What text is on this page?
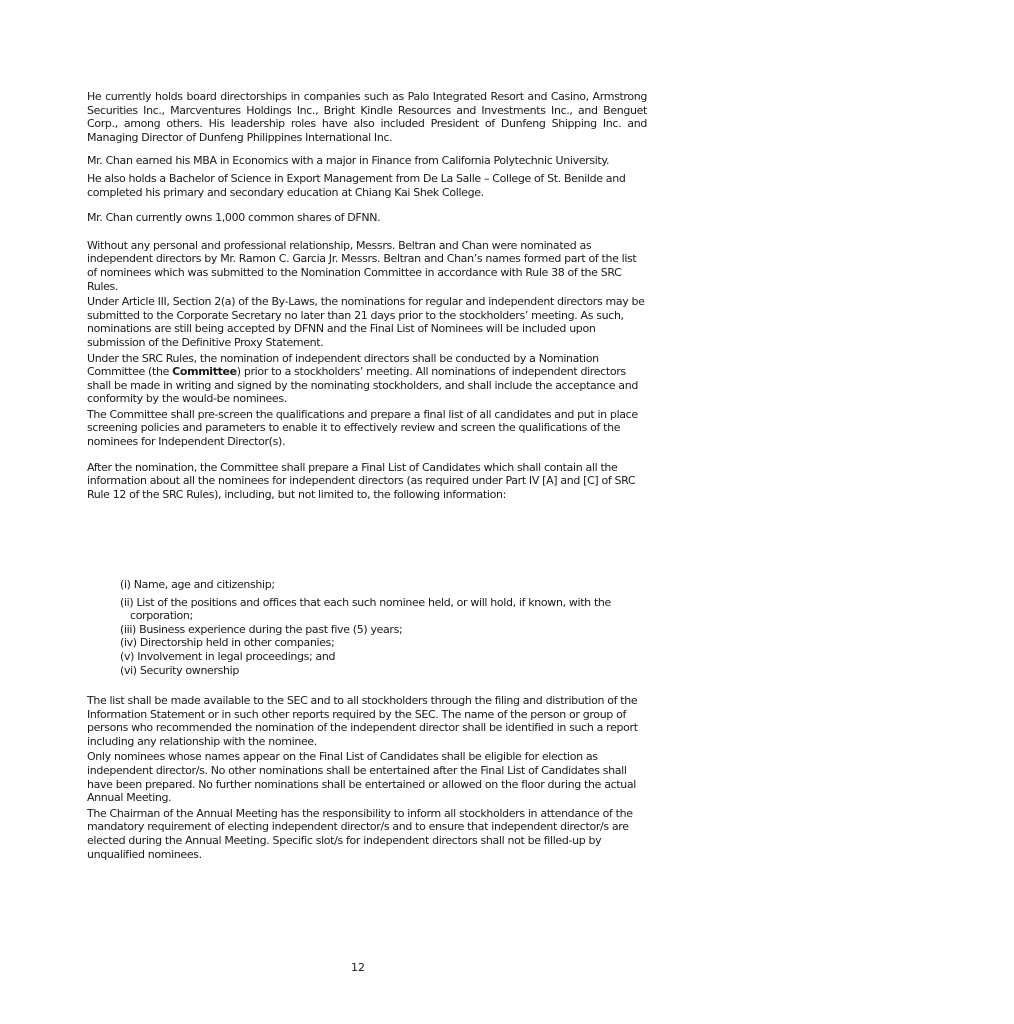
He currently holds board directorships in companies such as Palo Integrated Resort and Casino, Armstrong Securities Inc., Marcventures Holdings Inc., Bright Kindle Resources and Investments Inc., and Benguet Corp., among others. His leadership roles have also included President of Dunfeng Shipping Inc. and Managing Director of Dunfeng Philippines International Inc.

Mr. Chan earned his MBA in Economics with a major in Finance from California Polytechnic University.

He also holds a Bachelor of Science in Export Management from De La Salle – College of St. Benilde and completed his primary and secondary education at Chiang Kai Shek College.

Mr. Chan currently owns 1,000 common shares of DFNN.

Without any personal and professional relationship, Messrs. Beltran and Chan were nominated as independent directors by Mr. Ramon C. Garcia Jr. Messrs. Beltran and Chan’s names formed part of the list of nominees which was submitted to the Nomination Committee in accordance with Rule 38 of the SRC Rules.

Under Article III, Section 2(a) of the By-Laws, the nominations for regular and independent directors may be submitted to the Corporate Secretary no later than 21 days prior to the stockholders’ meeting. As such, nominations are still being accepted by DFNN and the Final List of Nominees will be included upon submission of the Definitive Proxy Statement.

Under the SRC Rules, the nomination of independent directors shall be conducted by a Nomination Committee (the Committee) prior to a stockholders’ meeting. All nominations of independent directors shall be made in writing and signed by the nominating stockholders, and shall include the acceptance and conformity by the would-be nominees.

The Committee shall pre-screen the qualifications and prepare a final list of all candidates and put in place screening policies and parameters to enable it to effectively review and screen the qualifications of the nominees for Independent Director(s).

After the nomination, the Committee shall prepare a Final List of Candidates which shall contain all the information about all the nominees for independent directors (as required under Part IV [A] and [C] of SRC Rule 12 of the SRC Rules), including, but not limited to, the following information:

(i) Name, age and citizenship;
(ii) List of the positions and offices that each such nominee held, or will hold, if known, with the corporation;
(iii) Business experience during the past five (5) years;
(iv) Directorship held in other companies;
(v) Involvement in legal proceedings; and
(vi) Security ownership

The list shall be made available to the SEC and to all stockholders through the filing and distribution of the Information Statement or in such other reports required by the SEC. The name of the person or group of persons who recommended the nomination of the independent director shall be identified in such a report including any relationship with the nominee.

Only nominees whose names appear on the Final List of Candidates shall be eligible for election as independent director/s. No other nominations shall be entertained after the Final List of Candidates shall have been prepared. No further nominations shall be entertained or allowed on the floor during the actual Annual Meeting.

The Chairman of the Annual Meeting has the responsibility to inform all stockholders in attendance of the mandatory requirement of electing independent director/s and to ensure that independent director/s are elected during the Annual Meeting. Specific slot/s for independent directors shall not be filled-up by unqualified nominees.

12
